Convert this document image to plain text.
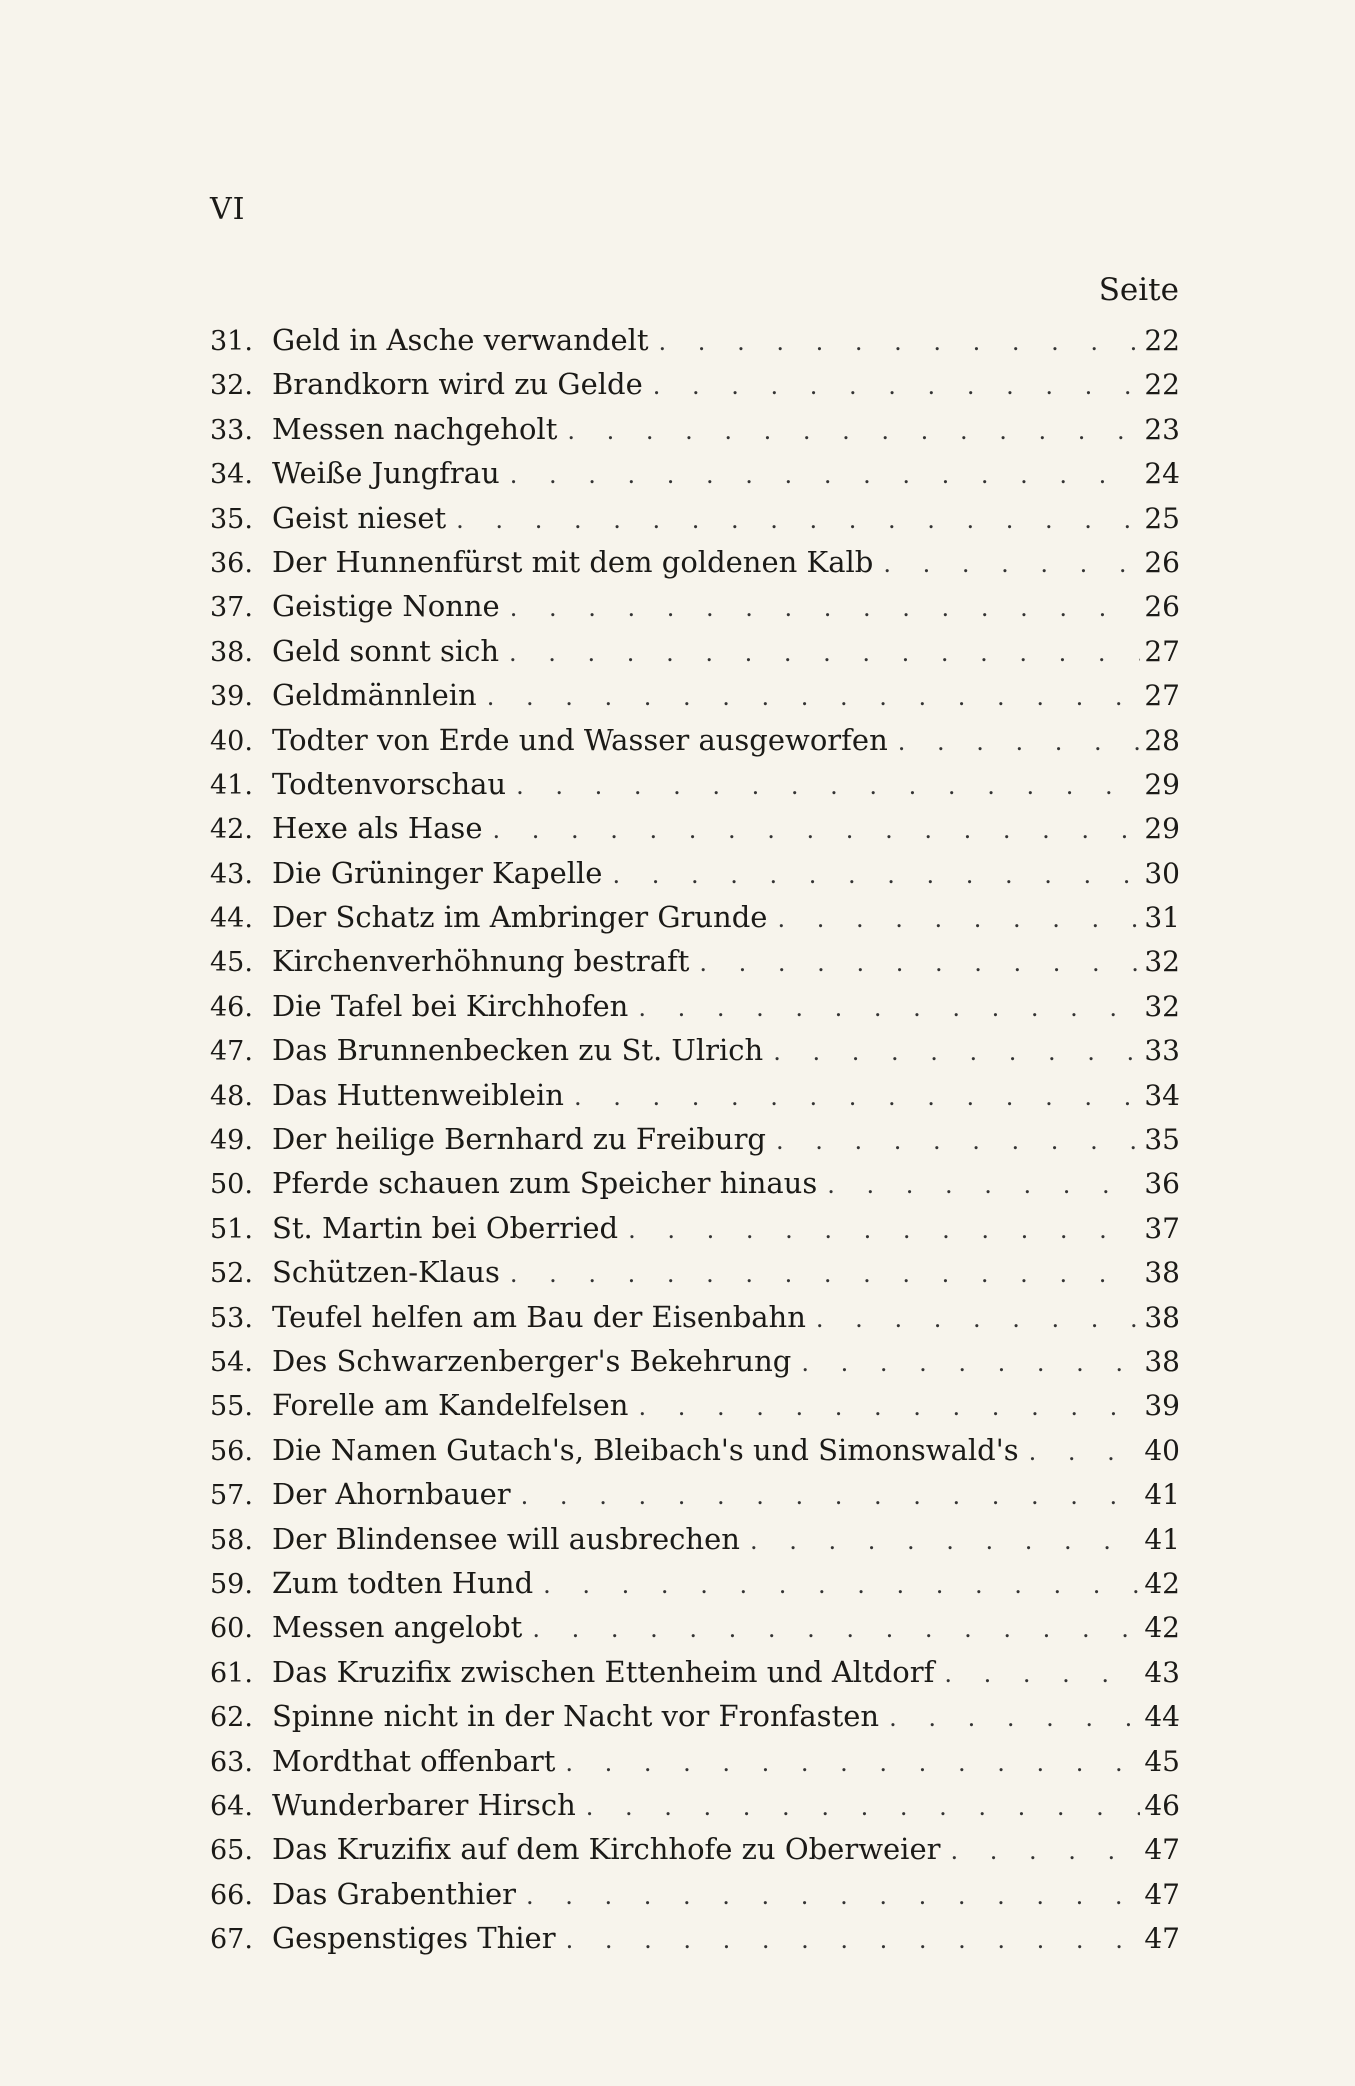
VI
Seite
31. Geld in Asche verwandelt . . .	22
32. Brandkorn wird zu Gelde . . .	22
33. Messen nachgeholt . . .	23
34. Weiße Jungfrau . . .	24
35. Geist nieset . . .	25
36. Der Hunnenfürst mit dem goldenen Kalb . . .	26
37. Geistige Nonne . . .	26
38. Geld sonnt sich . . .	27
39. Geldmännlein . . .	27
40. Todter von Erde und Wasser ausgeworfen . . .	28
41. Todtenvorschau . . .	29
42. Hexe als Hase . . .	29
43. Die Grüninger Kapelle . . .	30
44. Der Schatz im Ambringer Grunde . . .	31
45. Kirchenverhöhnung bestraft . . .	32
46. Die Tafel bei Kirchhofen . . .	32
47. Das Brunnenbecken zu St. Ulrich . . .	33
48. Das Huttenweiblein . . .	34
49. Der heilige Bernhard zu Freiburg . . .	35
50. Pferde schauen zum Speicher hinaus . . .	36
51. St. Martin bei Oberried . . .	37
52. Schützen-Klaus . . .	38
53. Teufel helfen am Bau der Eisenbahn . . .	38
54. Des Schwarzenberger's Bekehrung . . .	38
55. Forelle am Kandelfelsen . . .	39
56. Die Namen Gutach's, Bleibach's und Simonswald's . . .	40
57. Der Ahornbauer . . .	41
58. Der Blindensee will ausbrechen . . .	41
59. Zum todten Hund . . .	42
60. Messen angelobt . . .	42
61. Das Kruzifix zwischen Ettenheim und Altdorf . . .	43
62. Spinne nicht in der Nacht vor Fronfasten . . .	44
63. Mordthat offenbart . . .	45
64. Wunderbarer Hirsch . . .	46
65. Das Kruzifix auf dem Kirchhofe zu Oberweier . . .	47
66. Das Grabenthier . . .	47
67. Gespenstiges Thier . . .	47
